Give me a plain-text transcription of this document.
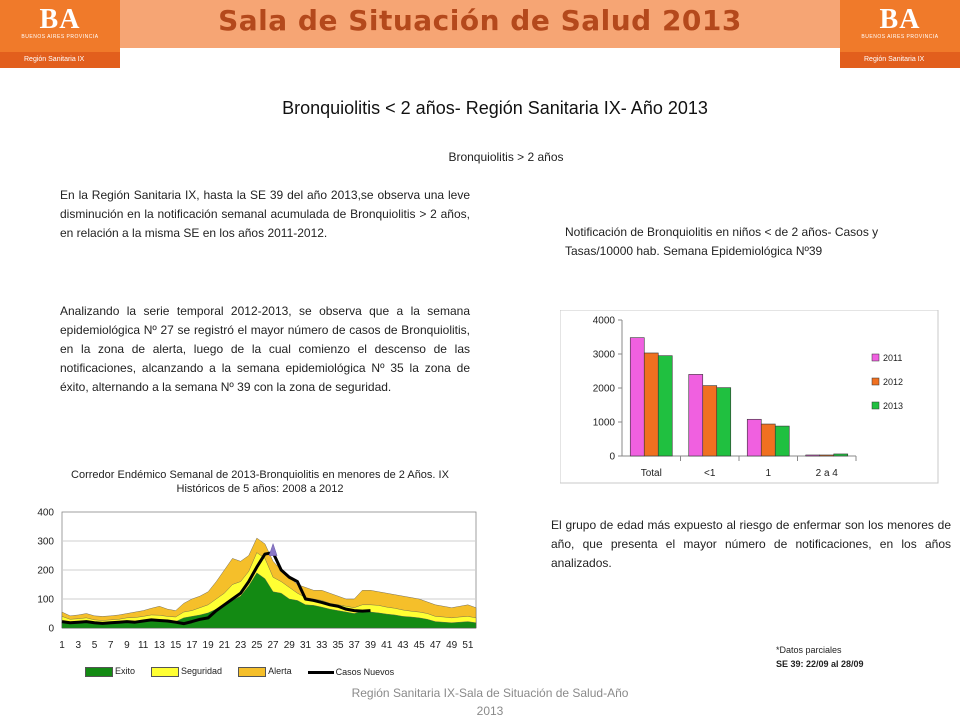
BA
BUENOS AIRES PROVINCIA
Región Sanitaria IX
Sala de Situación de Salud 2013	BA
BUENOS AIRES PROVINCIA
Región Sanitaria IX
Bronquiolitis < 2 años- Región Sanitaria IX- Año 2013
Bronquiolitis > 2 años
En la Región Sanitaria IX, hasta la SE 39 del año 2013,se observa una leve disminución en la notificación semanal acumulada de Bronquiolitis > 2 años, en relación a la misma SE en los años 2011-2012.
Analizando la serie temporal 2012-2013, se observa que a la semana epidemiológica Nº 27 se registró el mayor número de casos de Bronquiolitis, en la zona de alerta, luego de la cual comienzo el descenso de las notificaciones, alcanzando a la semana epidemiológica Nº 35 la zona de éxito, alternando a la semana Nº 39 con la zona de seguridad.
Notificación de Bronquiolitis en niños < de 2 años- Casos y Tasas/10000 hab. Semana Epidemiológica Nº39
0
1000
2000
3000
4000
Total	<1	1	2 a 4
2011
2012
2013
El grupo de edad más expuesto al riesgo de enfermar son los menores de año, que presenta el mayor número de notificaciones, en los años analizados.
Corredor Endémico Semanal de 2013-Bronquiolitis en menores de 2 Años. IX Históricos de 5 años: 2008 a 2012
0
100
200
300
400
1 3 5 7 9 11 13 15 17 19 21 23 25 27 29 31 33 35 37 39 41 43 45 47 49 51
Exito	Seguridad	Alerta	Casos Nuevos
*Datos parciales
SE 39: 22/09 al 28/09
Región Sanitaria IX-Sala de Situación de Salud-Año 2013
